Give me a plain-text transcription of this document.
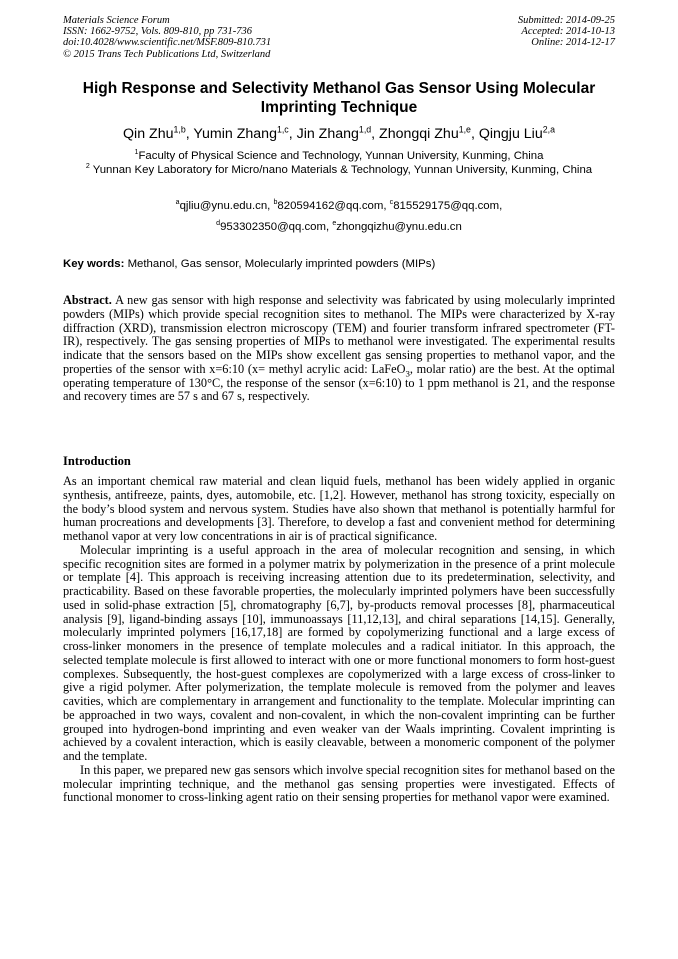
Materials Science Forum
ISSN: 1662-9752, Vols. 809-810, pp 731-736
doi:10.4028/www.scientific.net/MSF.809-810.731
© 2015 Trans Tech Publications Ltd, Switzerland
Submitted: 2014-09-25
Accepted: 2014-10-13
Online: 2014-12-17
High Response and Selectivity Methanol Gas Sensor Using Molecular Imprinting Technique
Qin Zhu$^{1,b}$, Yumin Zhang$^{1,c}$, Jin Zhang$^{1,d}$, Zhongqi Zhu$^{1,e}$, Qingju Liu$^{2,a}$
$^1$Faculty of Physical Science and Technology, Yunnan University, Kunming, China
$^2$ Yunnan Key Laboratory for Micro/nano Materials & Technology, Yunnan University, Kunming, China
$^a$qjliu@ynu.edu.cn, $^b$820594162@qq.com, $^c$815529175@qq.com,
$^d$953302350@qq.com, $^e$zhongqizhu@ynu.edu.cn
Key words: Methanol, Gas sensor, Molecularly imprinted powders (MIPs)
Abstract. A new gas sensor with high response and selectivity was fabricated by using molecularly imprinted powders (MIPs) which provide special recognition sites to methanol. The MIPs were characterized by X-ray diffraction (XRD), transmission electron microscopy (TEM) and fourier transform infrared spectrometer (FT-IR), respectively. The gas sensing properties of MIPs to methanol were investigated. The experimental results indicate that the sensors based on the MIPs show excellent gas sensing properties to methanol vapor, and the properties of the sensor with x=6:10 (x= methyl acrylic acid: LaFeO$_3$, molar ratio) are the best. At the optimal operating temperature of 130°C, the response of the sensor (x=6:10) to 1 ppm methanol is 21, and the response and recovery times are 57 s and 67 s, respectively.
Introduction

As an important chemical raw material and clean liquid fuels, methanol has been widely applied in organic synthesis, antifreeze, paints, dyes, automobile, etc. [1,2]. However, methanol has strong toxicity, especially on the body’s blood system and nervous system. Studies have also shown that methanol is potentially harmful for human procreations and developments [3]. Therefore, to develop a fast and convenient method for determining methanol vapor at very low concentrations in air is of practical significance.

Molecular imprinting is a useful approach in the area of molecular recognition and sensing, in which specific recognition sites are formed in a polymer matrix by polymerization in the presence of a print molecule or template [4]. This approach is receiving increasing attention due to its predetermination, selectivity, and practicability. Based on these favorable properties, the molecularly imprinted polymers have been successfully used in solid-phase extraction [5], chromatography [6,7], by-products removal processes [8], pharmaceutical analysis [9], ligand-binding assays [10], immunoassays [11,12,13], and chiral separations [14,15]. Generally, molecularly imprinted polymers [16,17,18] are formed by copolymerizing functional and a large excess of cross-linker monomers in the presence of template molecules and a radical initiator. In this approach, the selected template molecule is first allowed to interact with one or more functional monomers to form host-guest complexes. Subsequently, the host-guest complexes are copolymerized with a large excess of cross-linker to give a rigid polymer. After polymerization, the template molecule is removed from the polymer and leaves cavities, which are complementary in arrangement and functionality to the template. Molecular imprinting can be approached in two ways, covalent and non-covalent, in which the non-covalent imprinting can be further grouped into hydrogen-bond imprinting and even weaker van der Waals imprinting. Covalent imprinting is achieved by a covalent interaction, which is easily cleavable, between a monomeric component of the polymer and the template.

In this paper, we prepared new gas sensors which involve special recognition sites for methanol based on the molecular imprinting technique, and the methanol gas sensing properties were investigated. Effects of functional monomer to cross-linking agent ratio on their sensing properties for methanol vapor were examined.
